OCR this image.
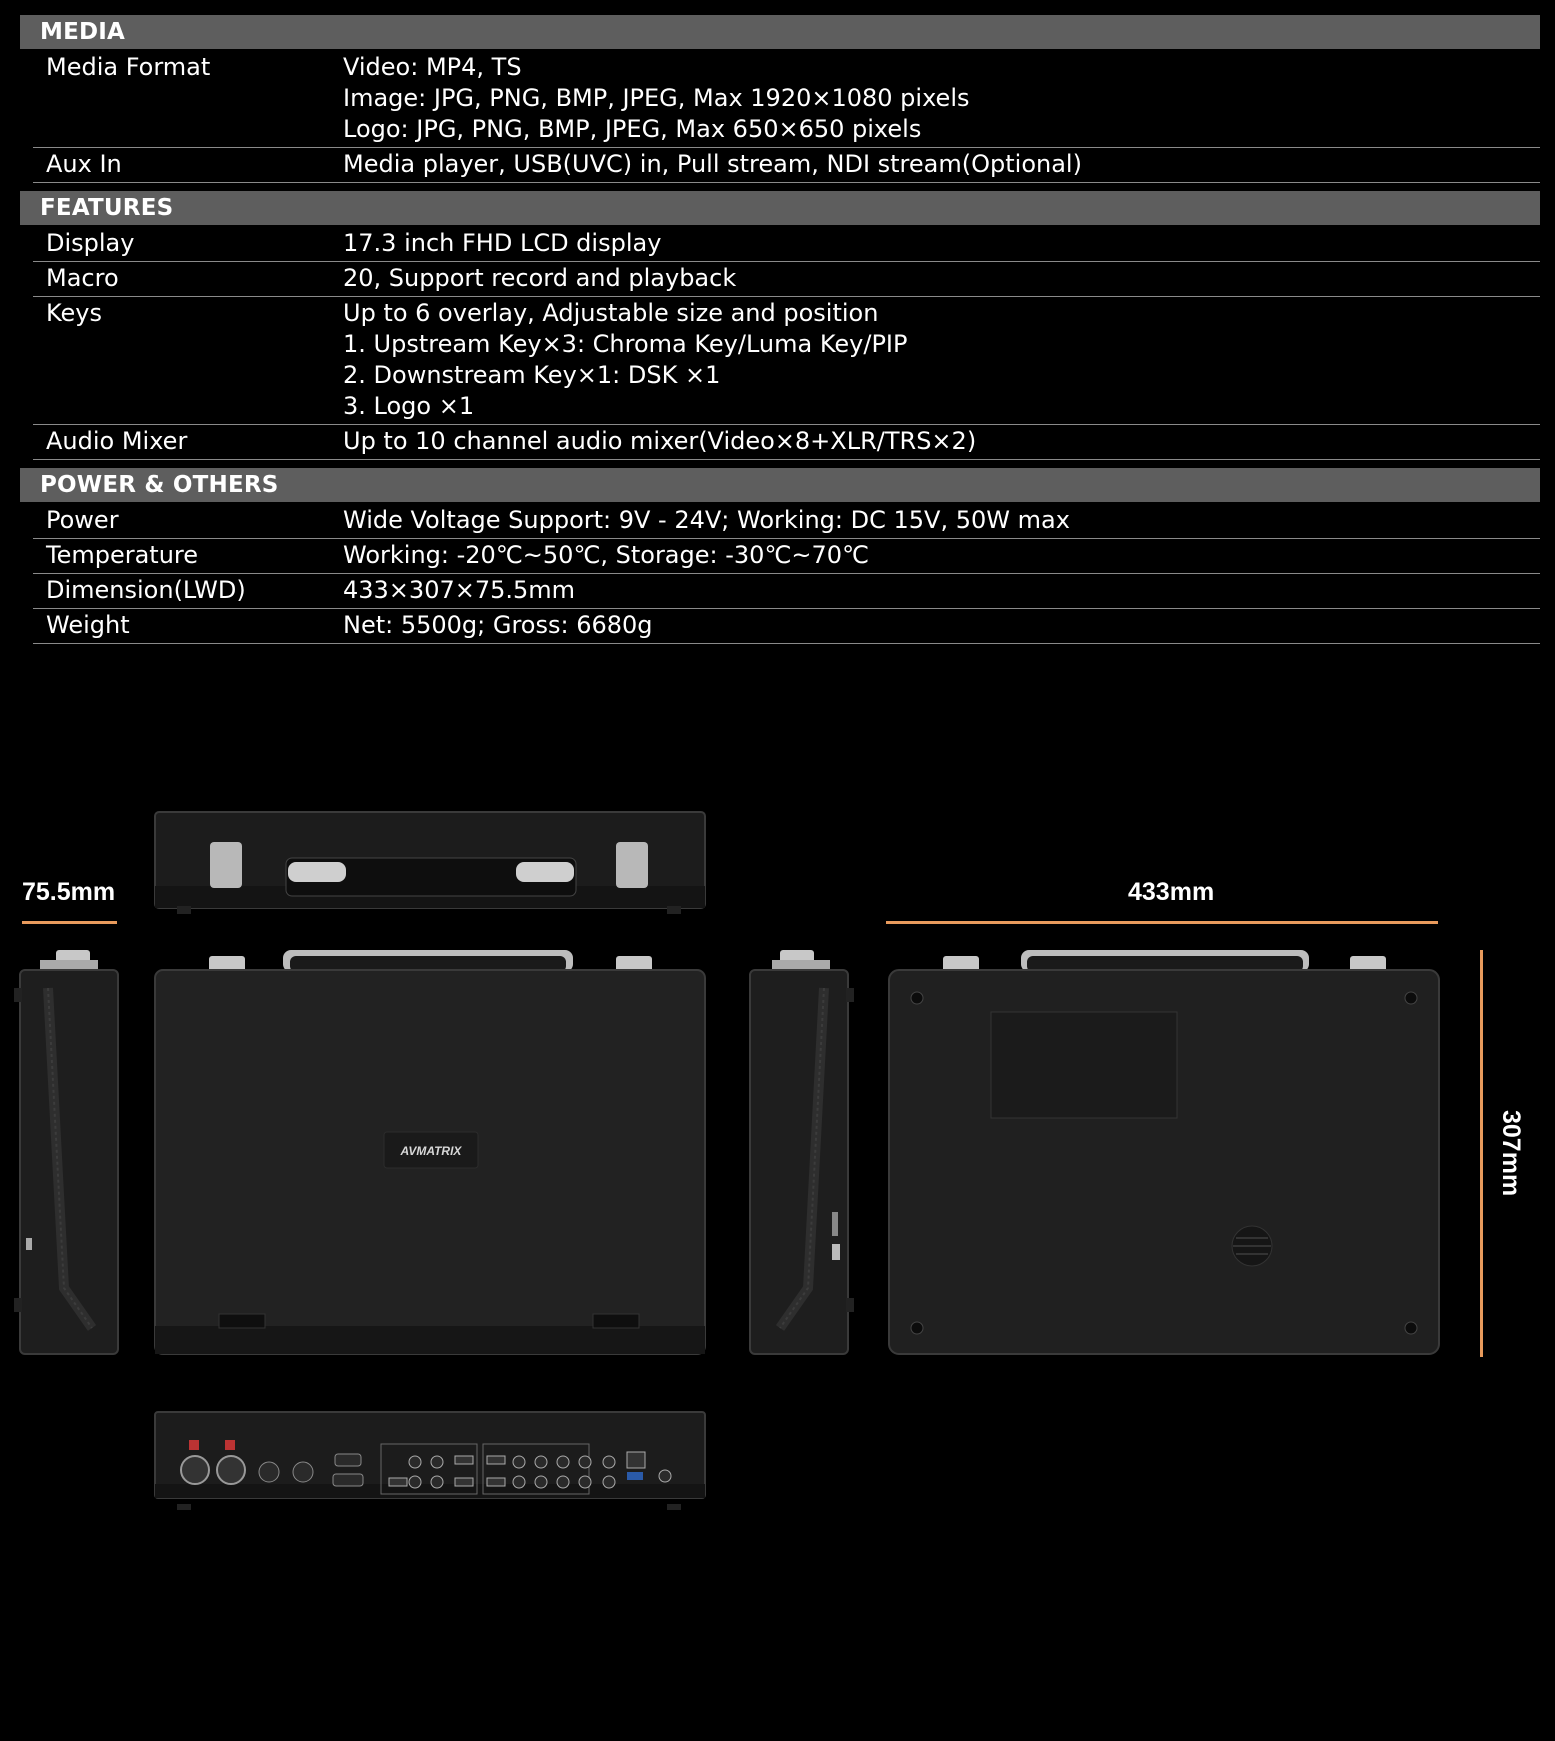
MEDIA
Media Format	Video: MP4, TS
Image: JPG, PNG, BMP, JPEG, Max 1920×1080 pixels
Logo: JPG, PNG, BMP, JPEG, Max 650×650 pixels
Aux In	Media player, USB(UVC) in, Pull stream, NDI stream(Optional)
FEATURES
Display	17.3 inch FHD LCD display
Macro	20, Support record and playback
Keys	Up to 6 overlay, Adjustable size and position
1. Upstream Key×3: Chroma Key/Luma Key/PIP
2. Downstream Key×1: DSK ×1
3. Logo ×1
Audio Mixer	Up to 10 channel audio mixer(Video×8+XLR/TRS×2)
POWER & OTHERS
Power	Wide Voltage Support: 9V - 24V; Working: DC 15V, 50W max
Temperature	Working: -20℃~50℃, Storage: -30℃~70℃
Dimension(LWD)	433×307×75.5mm
Weight	Net: 5500g; Gross: 6680g
75.5mm	433mm
307mm
AVMATRIX
